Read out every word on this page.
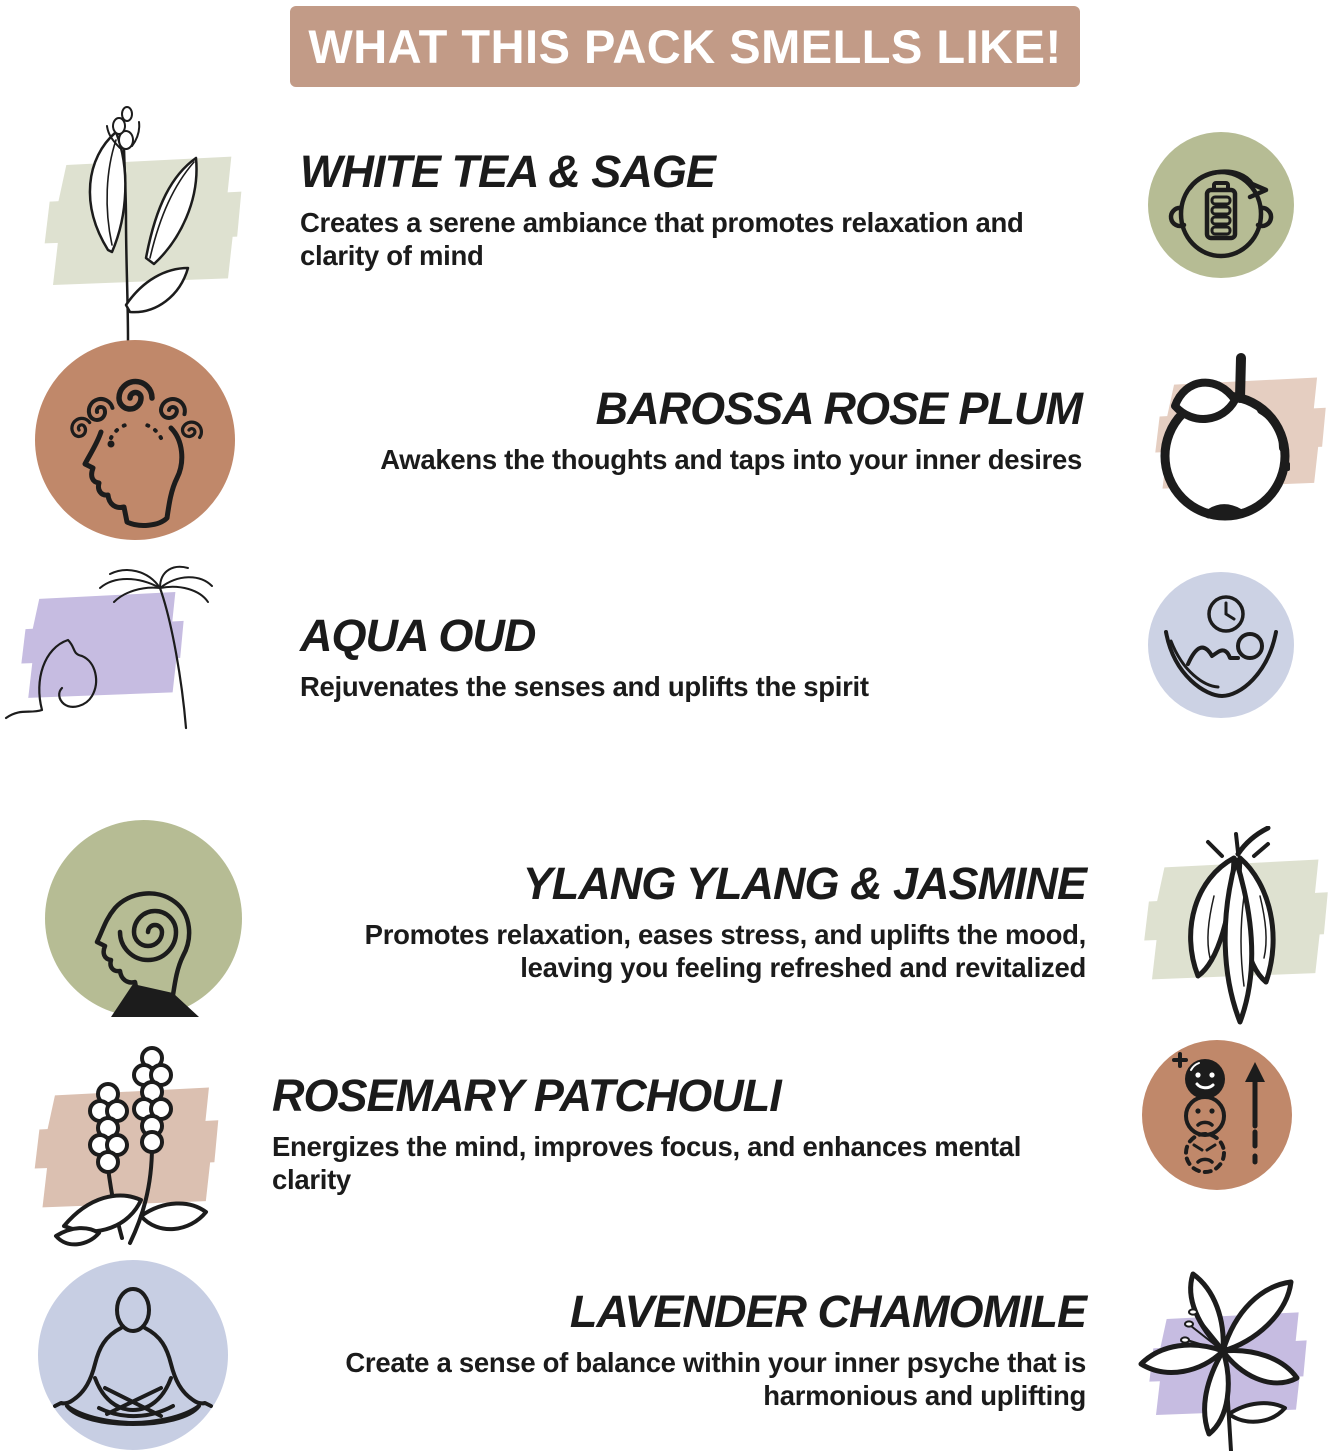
WHAT THIS PACK SMELLS LIKE!
WHITE TEA & SAGE

Creates a serene ambiance that promotes relaxation and clarity of mind

BAROSSA ROSE PLUM

Awakens the thoughts and taps into your inner desires

AQUA OUD

Rejuvenates the senses and uplifts the spirit

YLANG YLANG & JASMINE

Promotes relaxation, eases stress, and uplifts the mood, leaving you feeling refreshed and revitalized

ROSEMARY PATCHOULI

Energizes the mind, improves focus, and enhances mental clarity

LAVENDER CHAMOMILE

Create a sense of balance within your inner psyche that is harmonious and uplifting
